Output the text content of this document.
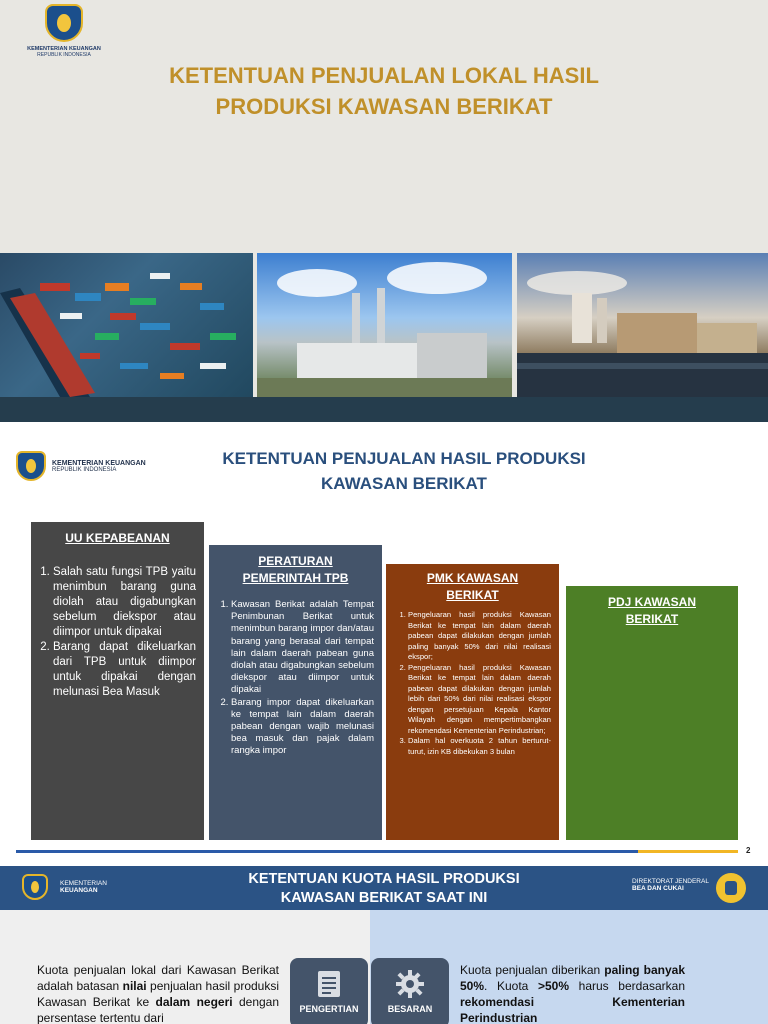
KEMENTERIAN KEUANGAN
REPUBLIK INDONESIA
KETENTUAN PENJUALAN LOKAL HASIL
PRODUKSI KAWASAN BERIKAT
KEMENTERIAN KEUANGAN
REPUBLIK INDONESIA
KETENTUAN PENJUALAN HASIL PRODUKSI
KAWASAN BERIKAT
UU KEPABEANAN
1. Salah satu fungsi TPB yaitu menimbun barang guna diolah atau digabungkan sebelum diekspor atau diimpor untuk dipakai
2. Barang dapat dikeluarkan dari TPB untuk diimpor untuk dipakai dengan melunasi Bea Masuk
PERATURAN
PEMERINTAH TPB
1. Kawasan Berikat adalah Tempat Penimbunan Berikat untuk menimbun barang impor dan/atau barang yang berasal dari tempat lain dalam daerah pabean guna diolah atau digabungkan sebelum diekspor atau diimpor untuk dipakai
2. Barang impor dapat dikeluarkan ke tempat lain dalam daerah pabean dengan wajib melunasi bea masuk dan pajak dalam rangka impor
PMK KAWASAN
BERIKAT
1. Pengeluaran hasil produksi Kawasan Berikat ke tempat lain dalam daerah pabean dapat dilakukan dengan jumlah paling banyak 50% dari nilai realisasi ekspor;
2. Pengeluaran hasil produksi Kawasan Berikat ke tempat lain dalam daerah pabean dapat dilakukan dengan jumlah lebih dari 50% dari nilai realisasi ekspor dengan persetujuan Kepala Kantor Wilayah dengan mempertimbangkan rekomendasi Kementerian Perindustrian;
3. Dalam hal overkuota 2 tahun berturut-turut, izin KB dibekukan 3 bulan
PDJ KAWASAN
BERIKAT
2
KEMENTERIAN
KEUANGAN
KETENTUAN KUOTA HASIL PRODUKSI
KAWASAN BERIKAT SAAT INI
DIREKTORAT JENDERAL
BEA DAN CUKAI

Kuota penjualan lokal dari Kawasan Berikat adalah batasan nilai penjualan hasil produksi Kawasan Berikat ke dalam negeri dengan persentase tertentu dari

PENGERTIAN	BESARAN

Kuota penjualan diberikan paling banyak 50%. Kuota >50% harus berdasarkan rekomendasi Kementerian Perindustrian
